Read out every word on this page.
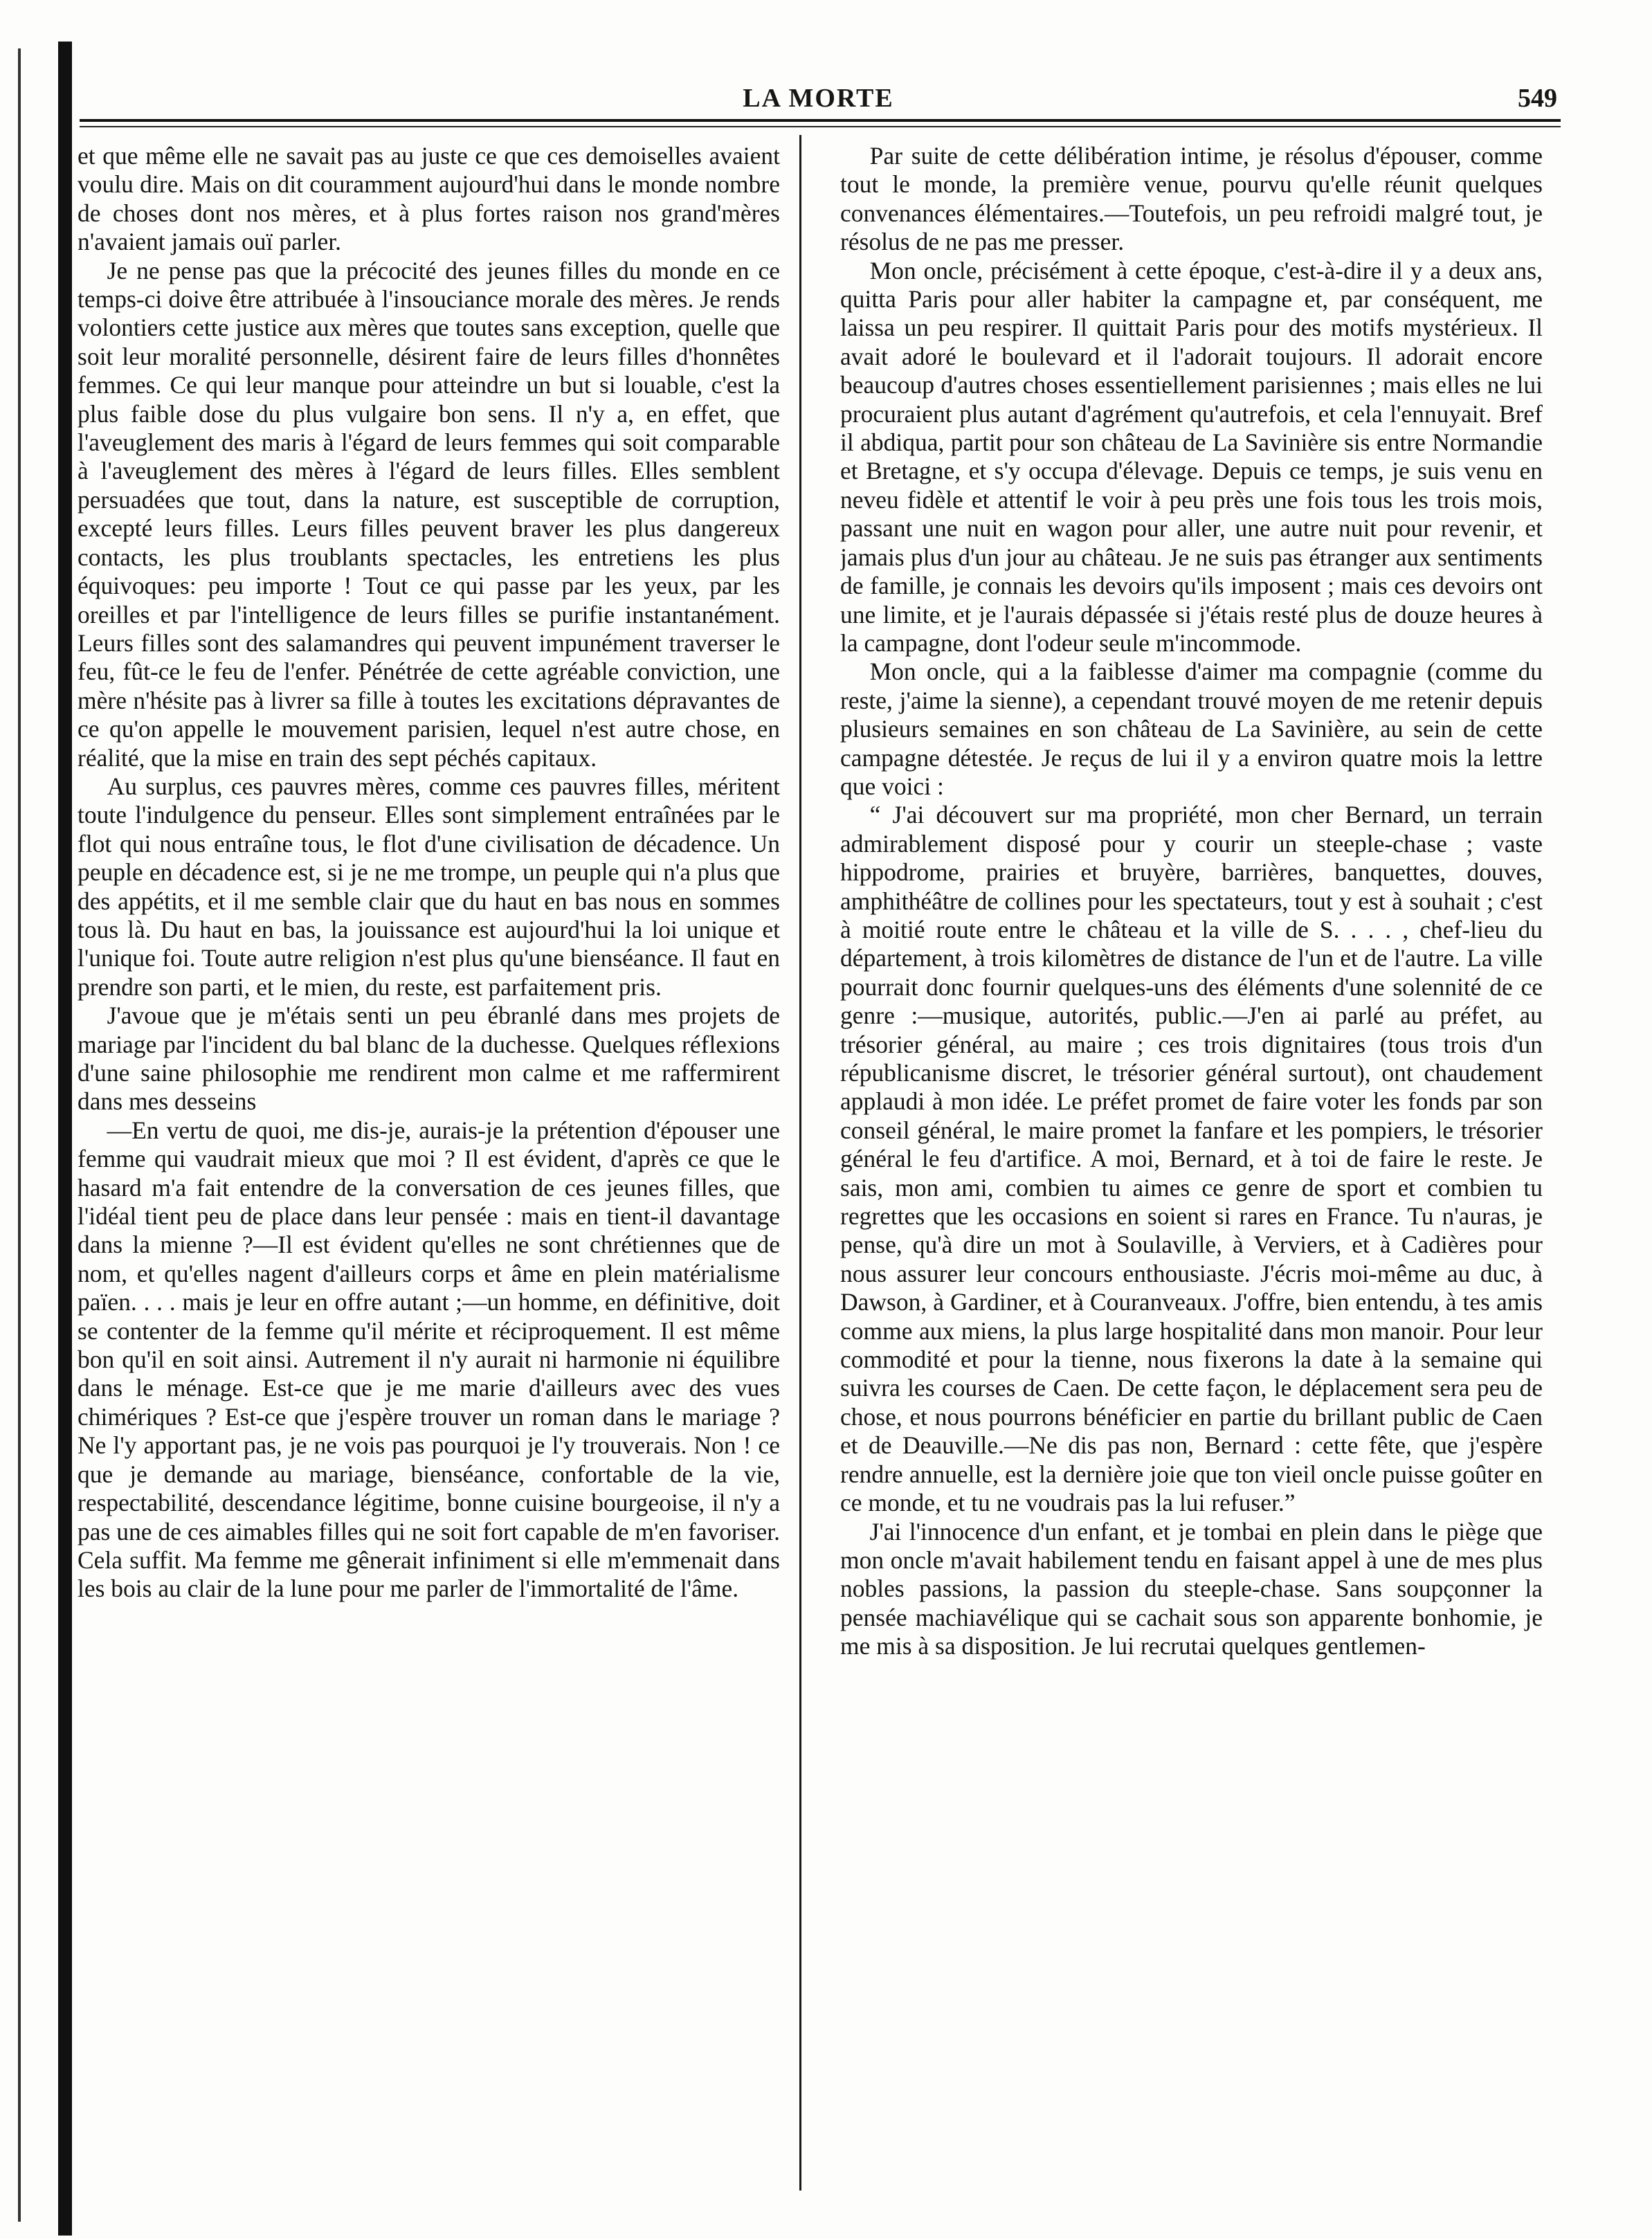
LA MORTE	549

et que même elle ne savait pas au juste ce que ces demoiselles avaient voulu dire. Mais on dit couramment aujourd'hui dans le monde nombre de choses dont nos mères, et à plus fortes raison nos grand'mères n'avaient jamais ouï parler.

Je ne pense pas que la précocité des jeunes filles du monde en ce temps-ci doive être attribuée à l'insouciance morale des mères. Je rends volontiers cette justice aux mères que toutes sans exception, quelle que soit leur moralité personnelle, désirent faire de leurs filles d'honnêtes femmes. Ce qui leur manque pour atteindre un but si louable, c'est la plus faible dose du plus vulgaire bon sens. Il n'y a, en effet, que l'aveuglement des maris à l'égard de leurs femmes qui soit comparable à l'aveuglement des mères à l'égard de leurs filles. Elles semblent persuadées que tout, dans la nature, est susceptible de corruption, excepté leurs filles. Leurs filles peuvent braver les plus dangereux contacts, les plus troublants spectacles, les entretiens les plus équivoques: peu importe ! Tout ce qui passe par les yeux, par les oreilles et par l'intelligence de leurs filles se purifie instantanément. Leurs filles sont des salamandres qui peuvent impunément traverser le feu, fût-ce le feu de l'enfer. Pénétrée de cette agréable conviction, une mère n'hésite pas à livrer sa fille à toutes les excitations dépravantes de ce qu'on appelle le mouvement parisien, lequel n'est autre chose, en réalité, que la mise en train des sept péchés capitaux.

Au surplus, ces pauvres mères, comme ces pauvres filles, méritent toute l'indulgence du penseur. Elles sont simplement entraînées par le flot qui nous entraîne tous, le flot d'une civilisation de décadence. Un peuple en décadence est, si je ne me trompe, un peuple qui n'a plus que des appétits, et il me semble clair que du haut en bas nous en sommes tous là. Du haut en bas, la jouissance est aujourd'hui la loi unique et l'unique foi. Toute autre religion n'est plus qu'une bienséance. Il faut en prendre son parti, et le mien, du reste, est parfaitement pris.

J'avoue que je m'étais senti un peu ébranlé dans mes projets de mariage par l'incident du bal blanc de la duchesse. Quelques réflexions d'une saine philosophie me rendirent mon calme et me raffermirent dans mes desseins

—En vertu de quoi, me dis-je, aurais-je la prétention d'épouser une femme qui vaudrait mieux que moi ? Il est évident, d'après ce que le hasard m'a fait entendre de la conversation de ces jeunes filles, que l'idéal tient peu de place dans leur pensée : mais en tient-il davantage dans la mienne ?—Il est évident qu'elles ne sont chrétiennes que de nom, et qu'elles nagent d'ailleurs corps et âme en plein matérialisme païen. . . . mais je leur en offre autant ;—un homme, en définitive, doit se contenter de la femme qu'il mérite et réciproquement. Il est même bon qu'il en soit ainsi. Autrement il n'y aurait ni harmonie ni équilibre dans le ménage. Est-ce que je me marie d'ailleurs avec des vues chimériques ? Est-ce que j'espère trouver un roman dans le mariage ? Ne l'y apportant pas, je ne vois pas pourquoi je l'y trouverais. Non ! ce que je demande au mariage, bienséance, confortable de la vie, respectabilité, descendance légitime, bonne cuisine bourgeoise, il n'y a pas une de ces aimables filles qui ne soit fort capable de m'en favoriser. Cela suffit. Ma femme me gênerait infiniment si elle m'emmenait dans les bois au clair de la lune pour me parler de l'immortalité de l'âme.

Par suite de cette délibération intime, je résolus d'épouser, comme tout le monde, la première venue, pourvu qu'elle réunit quelques convenances élémentaires.—Toutefois, un peu refroidi malgré tout, je résolus de ne pas me presser.

Mon oncle, précisément à cette époque, c'est-à-dire il y a deux ans, quitta Paris pour aller habiter la campagne et, par conséquent, me laissa un peu respirer. Il quittait Paris pour des motifs mystérieux. Il avait adoré le boulevard et il l'adorait toujours. Il adorait encore beaucoup d'autres choses essentiellement parisiennes ; mais elles ne lui procuraient plus autant d'agrément qu'autrefois, et cela l'ennuyait. Bref il abdiqua, partit pour son château de La Savinière sis entre Normandie et Bretagne, et s'y occupa d'élevage. Depuis ce temps, je suis venu en neveu fidèle et attentif le voir à peu près une fois tous les trois mois, passant une nuit en wagon pour aller, une autre nuit pour revenir, et jamais plus d'un jour au château. Je ne suis pas étranger aux sentiments de famille, je connais les devoirs qu'ils imposent ; mais ces devoirs ont une limite, et je l'aurais dépassée si j'étais resté plus de douze heures à la campagne, dont l'odeur seule m'incommode.

Mon oncle, qui a la faiblesse d'aimer ma compagnie (comme du reste, j'aime la sienne), a cependant trouvé moyen de me retenir depuis plusieurs semaines en son château de La Savinière, au sein de cette campagne détestée. Je reçus de lui il y a environ quatre mois la lettre que voici :

“ J'ai découvert sur ma propriété, mon cher Bernard, un terrain admirablement disposé pour y courir un steeple-chase ; vaste hippodrome, prairies et bruyère, barrières, banquettes, douves, amphithéâtre de collines pour les spectateurs, tout y est à souhait ; c'est à moitié route entre le château et la ville de S. . . . , chef-lieu du département, à trois kilomètres de distance de l'un et de l'autre. La ville pourrait donc fournir quelques-uns des éléments d'une solennité de ce genre :—musique, autorités, public.—J'en ai parlé au préfet, au trésorier général, au maire ; ces trois dignitaires (tous trois d'un républicanisme discret, le trésorier général surtout), ont chaudement applaudi à mon idée. Le préfet promet de faire voter les fonds par son conseil général, le maire promet la fanfare et les pompiers, le trésorier général le feu d'artifice. A moi, Bernard, et à toi de faire le reste. Je sais, mon ami, combien tu aimes ce genre de sport et combien tu regrettes que les occasions en soient si rares en France. Tu n'auras, je pense, qu'à dire un mot à Soulaville, à Verviers, et à Cadières pour nous assurer leur concours enthousiaste. J'écris moi-même au duc, à Dawson, à Gardiner, et à Couranveaux. J'offre, bien entendu, à tes amis comme aux miens, la plus large hospitalité dans mon manoir. Pour leur commodité et pour la tienne, nous fixerons la date à la semaine qui suivra les courses de Caen. De cette façon, le déplacement sera peu de chose, et nous pourrons bénéficier en partie du brillant public de Caen et de Deauville.—Ne dis pas non, Bernard : cette fête, que j'espère rendre annuelle, est la dernière joie que ton vieil oncle puisse goûter en ce monde, et tu ne voudrais pas la lui refuser.”

J'ai l'innocence d'un enfant, et je tombai en plein dans le piège que mon oncle m'avait habilement tendu en faisant appel à une de mes plus nobles passions, la passion du steeple-chase. Sans soupçonner la pensée machiavélique qui se cachait sous son apparente bonhomie, je me mis à sa disposition. Je lui recrutai quelques gentlemen-
